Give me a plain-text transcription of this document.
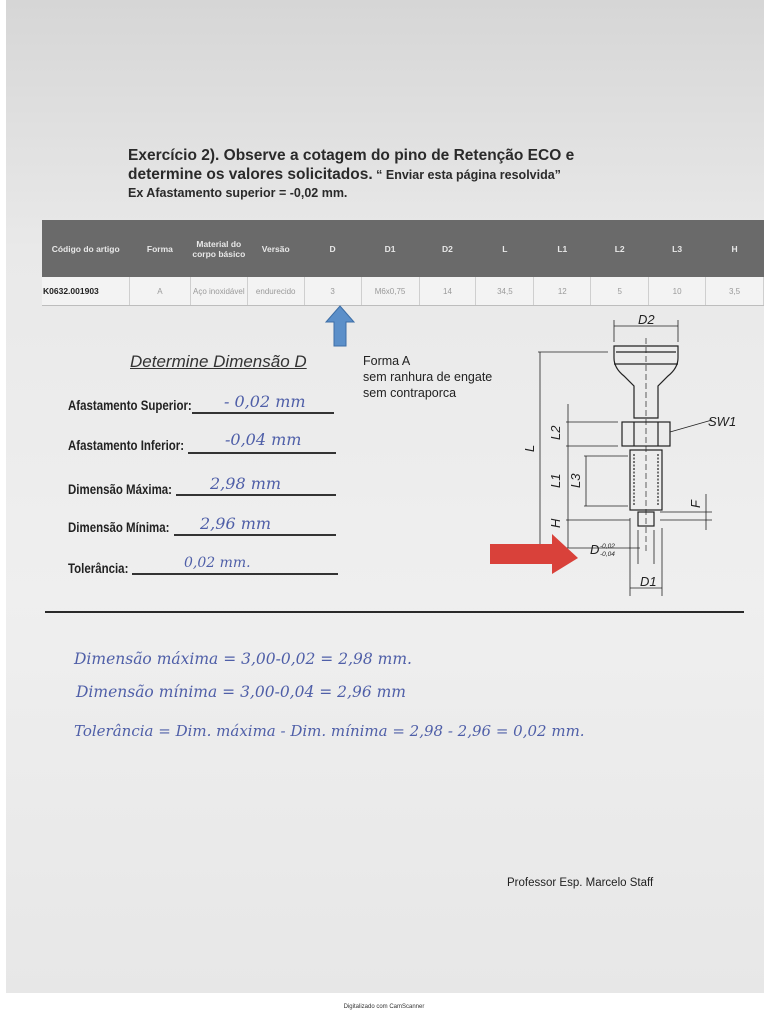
Exercício 2). Observe a cotagem do pino de Retenção ECO e
determine os valores solicitados. “ Enviar esta página resolvida”
Ex Afastamento superior = -0,02 mm.
Código do artigo	Forma	Material do corpo básico	Versão	D	D1	D2	L	L1	L2	L3	H
K0632.001903	A	Aço inoxidável	endurecido	3	M6x0,75	14	34,5	12	5	10	3,5
Determine Dimensão D	Forma A
sem ranhura de engate
sem contraporca
Afastamento Superior: - 0,02 mm
Afastamento Inferior:	-0,04 mm
Dimensão Máxima: 2,98 mm
Dimensão Mínima: 2,96 mm
Tolerância:	0,02 mm.
D2
SW1
L
L2
L1 L3
H
F
D
D1
-0,02
-0,04
Dimensão máxima = 3,00-0,02 = 2,98 mm.
Dimensão mínima = 3,00-0,04 = 2,96 mm
Tolerância = Dim. máxima - Dim. mínima = 2,98 - 2,96 = 0,02 mm.
Professor Esp. Marcelo Staff
Digitalizado com CamScanner
